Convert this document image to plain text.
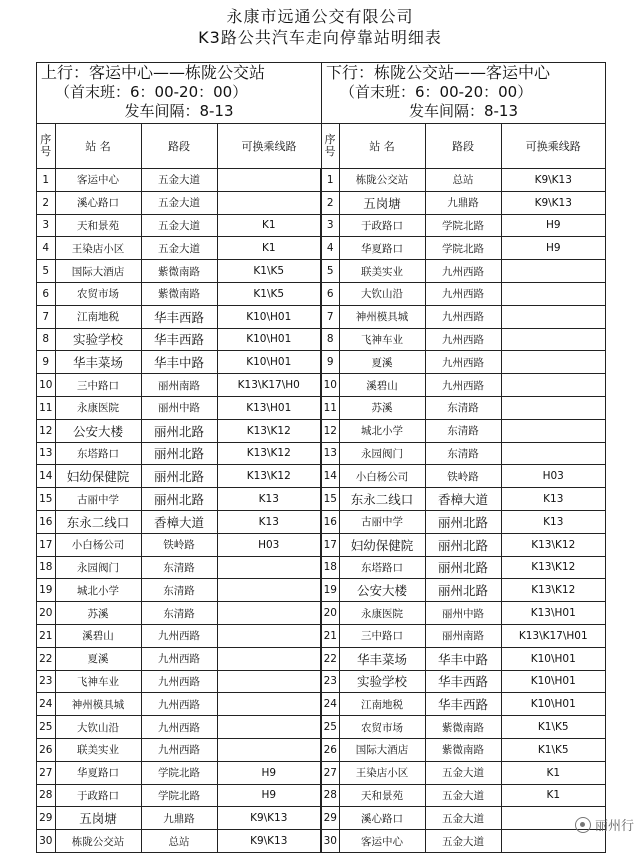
永康市远通公交有限公司
K3路公共汽车走向停靠站明细表
上行：客运中心——栋陇公交站
（首末班：6：00-20：00）
发车间隔：8-13
下行：栋陇公交站——客运中心
（首末班：6：00-20：00）
发车间隔：8-13
序号	站 名	路段	可换乘线路	序号	站 名	路段	可换乘线路
1	客运中心	五金大道		1	栋陇公交站	总站	K9\K13
2	溪心路口	五金大道		2	五岗塘	九鼎路	K9\K13
3	天和景苑	五金大道	K1	3	于政路口	学院北路	H9
4	王染店小区	五金大道	K1	4	华夏路口	学院北路	H9
5	国际大酒店	紫微南路	K1\K5	5	联美实业	九州西路	
6	农贸市场	紫微南路	K1\K5	6	大钦山沿	九州西路	
7	江南地税	华丰西路	K10\H01	7	神州模具城	九州西路	
8	实验学校	华丰西路	K10\H01	8	飞神车业	九州西路	
9	华丰菜场	华丰中路	K10\H01	9	夏溪	九州西路	
10	三中路口	丽州南路	K13\K17\H0	10	溪碧山	九州西路	
11	永康医院	丽州中路	K13\H01	11	苏溪	东清路	
12	公安大楼	丽州北路	K13\K12	12	城北小学	东清路	
13	东塔路口	丽州北路	K13\K12	13	永园阀门	东清路	
14	妇幼保健院	丽州北路	K13\K12	14	小白杨公司	铁岭路	H03
15	古丽中学	丽州北路	K13	15	东永二线口	香樟大道	K13
16	东永二线口	香樟大道	K13	16	古丽中学	丽州北路	K13
17	小白杨公司	铁岭路	H03	17	妇幼保健院	丽州北路	K13\K12
18	永园阀门	东清路		18	东塔路口	丽州北路	K13\K12
19	城北小学	东清路		19	公安大楼	丽州北路	K13\K12
20	苏溪	东清路		20	永康医院	丽州中路	K13\H01
21	溪碧山	九州西路		21	三中路口	丽州南路	K13\K17\H01
22	夏溪	九州西路		22	华丰菜场	华丰中路	K10\H01
23	飞神车业	九州西路		23	实验学校	华丰西路	K10\H01
24	神州模具城	九州西路		24	江南地税	华丰西路	K10\H01
25	大钦山沿	九州西路		25	农贸市场	紫微南路	K1\K5
26	联美实业	九州西路		26	国际大酒店	紫微南路	K1\K5
27	华夏路口	学院北路	H9	27	王染店小区	五金大道	K1
28	于政路口	学院北路	H9	28	天和景苑	五金大道	K1
29	五岗塘	九鼎路	K9\K13	29	溪心路口	五金大道	
30	栋陇公交站	总站	K9\K13	30	客运中心	五金大道	
丽州行
